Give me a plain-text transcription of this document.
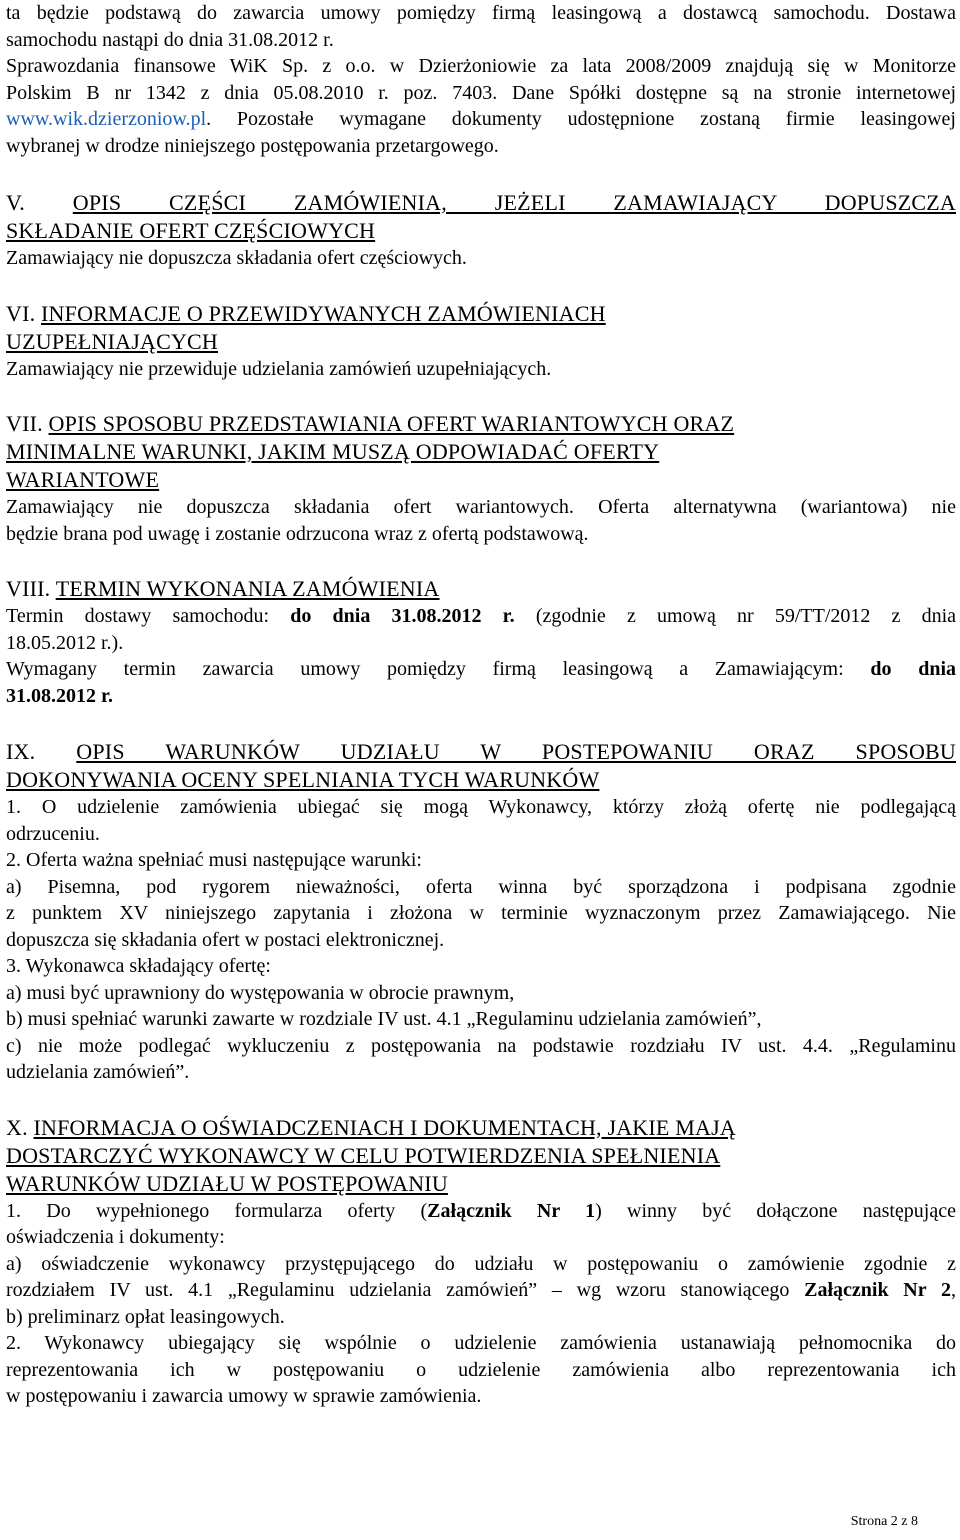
ta będzie podstawą do zawarcia umowy pomiędzy firmą leasingową a dostawcą samochodu. Dostawa

samochodu nastąpi do dnia 31.08.2012 r.

Sprawozdania finansowe WiK Sp. z o.o. w Dzierżoniowie za lata 2008/2009 znajdują się w Monitorze

Polskim B nr 1342 z dnia 05.08.2010 r. poz. 7403. Dane Spółki dostępne są na stronie internetowej

www.wik.dzierzoniow.pl. Pozostałe wymagane dokumenty udostępnione zostaną firmie leasingowej

wybranej w drodze niniejszego postępowania przetargowego.

V. OPIS CZĘŚCI ZAMÓWIENIA, JEŻELI ZAMAWIAJĄCY DOPUSZCZA

SKŁADANIE OFERT CZĘŚCIOWYCH

Zamawiający nie dopuszcza składania ofert częściowych.

VI. INFORMACJE O PRZEWIDYWANYCH ZAMÓWIENIACH

UZUPEŁNIAJĄCYCH

Zamawiający nie przewiduje udzielania zamówień uzupełniających.

VII. OPIS SPOSOBU PRZEDSTAWIANIA OFERT WARIANTOWYCH ORAZ

MINIMALNE WARUNKI, JAKIM MUSZĄ ODPOWIADAĆ OFERTY

WARIANTOWE

Zamawiający nie dopuszcza składania ofert wariantowych. Oferta alternatywna (wariantowa) nie

będzie brana pod uwagę i zostanie odrzucona wraz z ofertą podstawową.

VIII. TERMIN WYKONANIA ZAMÓWIENIA

Termin dostawy samochodu: do dnia 31.08.2012 r. (zgodnie z umową nr 59/TT/2012 z dnia

18.05.2012 r.).

Wymagany termin zawarcia umowy pomiędzy firmą leasingową a Zamawiającym: do dnia

31.08.2012 r.

IX. OPIS WARUNKÓW UDZIAŁU W POSTEPOWANIU ORAZ SPOSOBU

DOKONYWANIA OCENY SPELNIANIA TYCH WARUNKÓW

1. O udzielenie zamówienia ubiegać się mogą Wykonawcy, którzy złożą ofertę nie podlegającą

odrzuceniu.

2. Oferta ważna spełniać musi następujące warunki:

a) Pisemna, pod rygorem nieważności, oferta winna być sporządzona i podpisana zgodnie

z punktem XV niniejszego zapytania i złożona w terminie wyznaczonym przez Zamawiającego. Nie

dopuszcza się składania ofert w postaci elektronicznej.

3. Wykonawca składający ofertę:

a) musi być uprawniony do występowania w obrocie prawnym,

b) musi spełniać warunki zawarte w rozdziale IV ust. 4.1 „Regulaminu udzielania zamówień”,

c) nie może podlegać wykluczeniu z postępowania na podstawie rozdziału IV ust. 4.4. „Regulaminu

udzielania zamówień”.

X. INFORMACJA O OŚWIADCZENIACH I DOKUMENTACH, JAKIE MAJĄ

DOSTARCZYĆ WYKONAWCY W CELU POTWIERDZENIA SPEŁNIENIA

WARUNKÓW UDZIAŁU W POSTĘPOWANIU

1. Do wypełnionego formularza oferty (Załącznik Nr 1) winny być dołączone następujące

oświadczenia i dokumenty:

a) oświadczenie wykonawcy przystępującego do udziału w postępowaniu o zamówienie zgodnie z

rozdziałem IV ust. 4.1 „Regulaminu udzielania zamówień” – wg wzoru stanowiącego Załącznik Nr 2,

b) preliminarz opłat leasingowych.

2. Wykonawcy ubiegający się wspólnie o udzielenie zamówienia ustanawiają pełnomocnika do

reprezentowania ich w postępowaniu o udzielenie zamówienia albo reprezentowania ich

w postępowaniu i zawarcia umowy w sprawie zamówienia.

Strona 2 z 8
